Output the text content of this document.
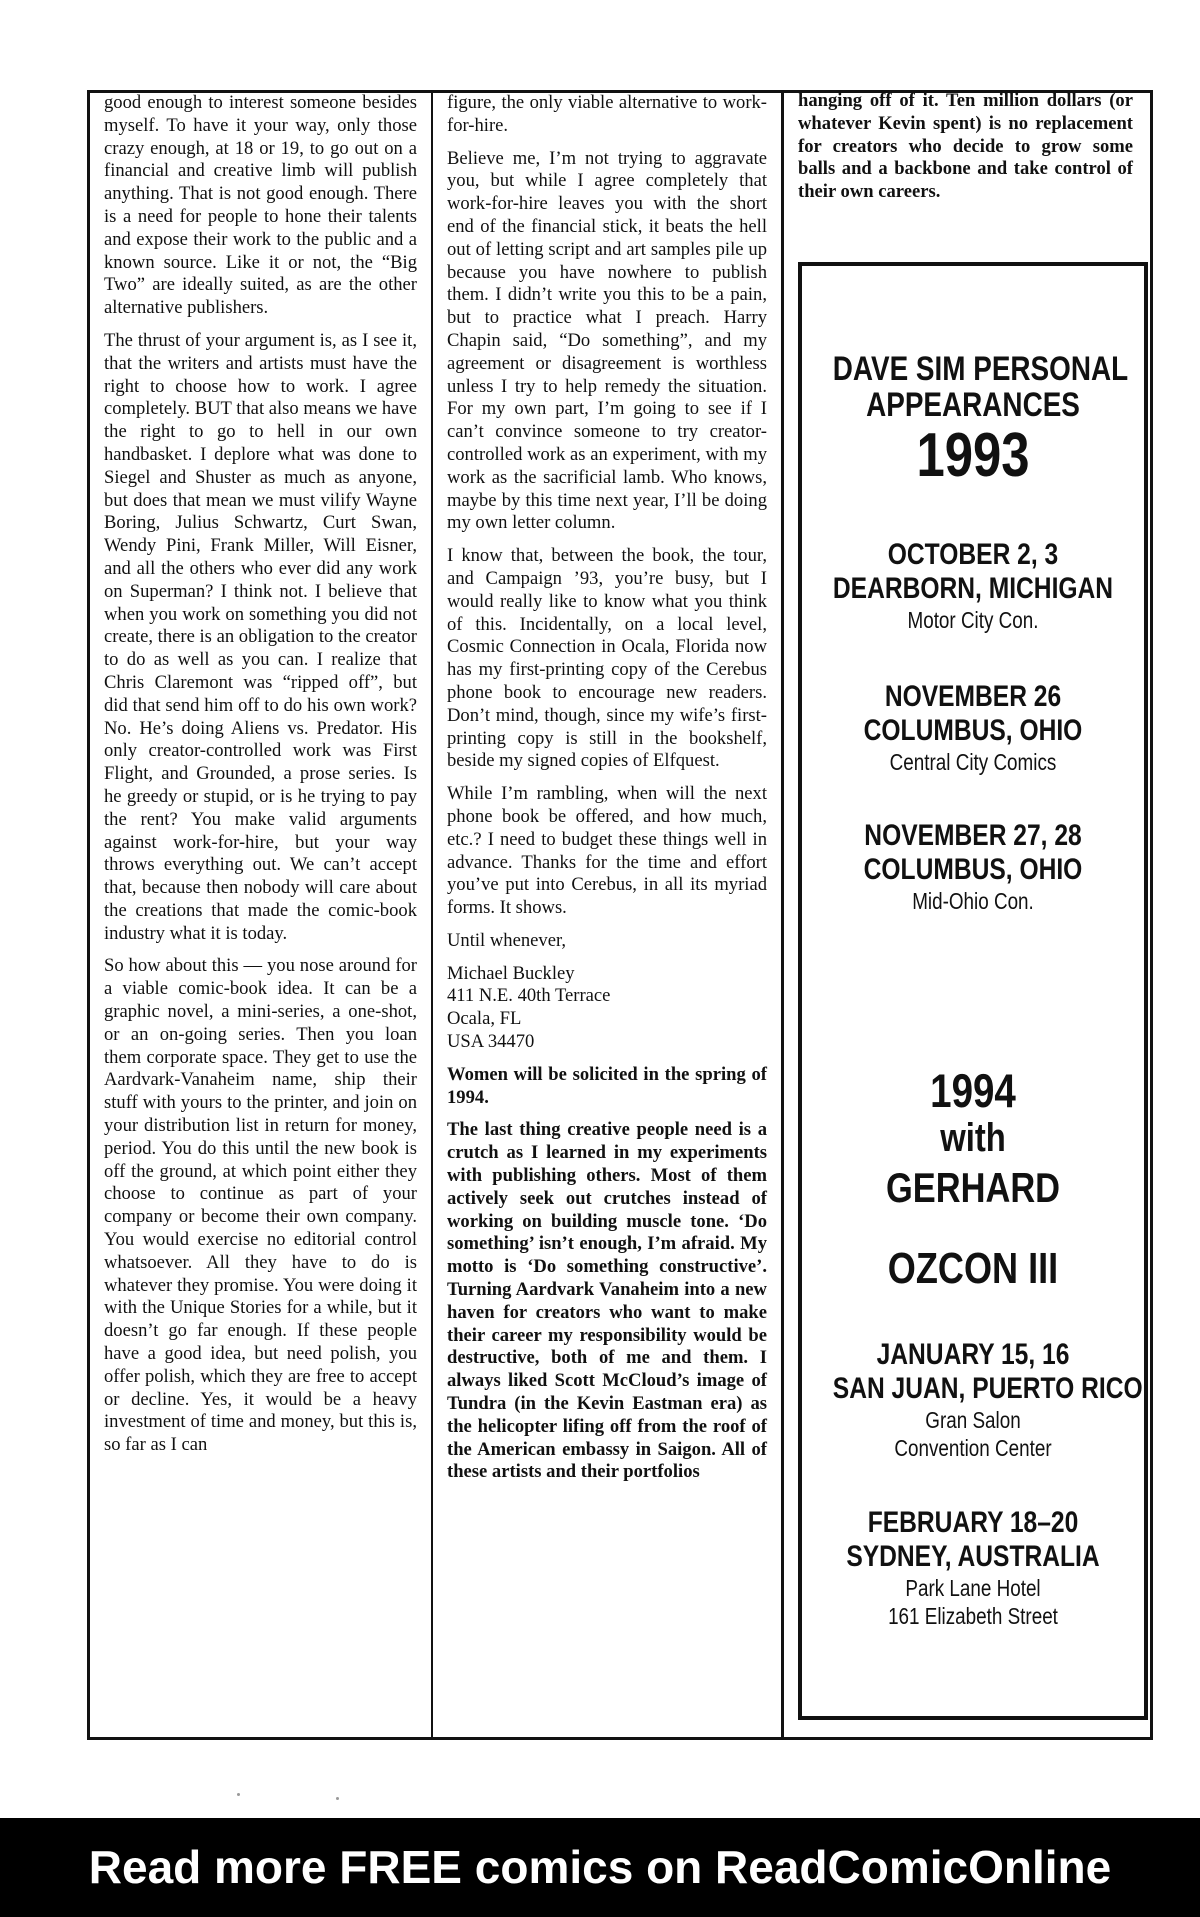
good enough to interest someone besides myself. To have it your way, only those crazy enough, at 18 or 19, to go out on a financial and creative limb will publish anything. That is not good enough. There is a need for people to hone their talents and expose their work to the public and a known source. Like it or not, the “Big Two” are ideally suited, as are the other alternative publishers.

The thrust of your argument is, as I see it, that the writers and artists must have the right to choose how to work. I agree completely. BUT that also means we have the right to go to hell in our own handbasket. I deplore what was done to Siegel and Shuster as much as anyone, but does that mean we must vilify Wayne Boring, Julius Schwartz, Curt Swan, Wendy Pini, Frank Miller, Will Eisner, and all the others who ever did any work on Superman? I think not. I believe that when you work on something you did not create, there is an obligation to the creator to do as well as you can. I realize that Chris Claremont was “ripped off”, but did that send him off to do his own work? No. He’s doing Aliens vs. Predator. His only creator-controlled work was First Flight, and Grounded, a prose series. Is he greedy or stupid, or is he trying to pay the rent? You make valid arguments against work-for-hire, but your way throws everything out. We can’t accept that, because then nobody will care about the creations that made the comic-book industry what it is today.

So how about this — you nose around for a viable comic-book idea. It can be a graphic novel, a mini-series, a one-shot, or an on-going series. Then you loan them corporate space. They get to use the Aardvark-Vanaheim name, ship their stuff with yours to the printer, and join on your distribution list in return for money, period. You do this until the new book is off the ground, at which point either they choose to continue as part of your company or become their own company. You would exercise no editorial control whatsoever. All they have to do is whatever they promise. You were doing it with the Unique Stories for a while, but it doesn’t go far enough. If these people have a good idea, but need polish, you offer polish, which they are free to accept or decline. Yes, it would be a heavy investment of time and money, but this is, so far as I can

figure, the only viable alternative to work-for-hire.

Believe me, I’m not trying to aggravate you, but while I agree completely that work-for-hire leaves you with the short end of the financial stick, it beats the hell out of letting script and art samples pile up because you have nowhere to publish them. I didn’t write you this to be a pain, but to practice what I preach. Harry Chapin said, “Do something”, and my agreement or disagreement is worthless unless I try to help remedy the situation. For my own part, I’m going to see if I can’t convince someone to try creator-controlled work as an experiment, with my work as the sacrificial lamb. Who knows, maybe by this time next year, I’ll be doing my own letter column.

I know that, between the book, the tour, and Campaign ’93, you’re busy, but I would really like to know what you think of this. Incidentally, on a local level, Cosmic Connection in Ocala, Florida now has my first-printing copy of the Cerebus phone book to encourage new readers. Don’t mind, though, since my wife’s first-printing copy is still in the bookshelf, beside my signed copies of Elfquest.

While I’m rambling, when will the next phone book be offered, and how much, etc.? I need to budget these things well in advance. Thanks for the time and effort you’ve put into Cerebus, in all its myriad forms. It shows.

Until whenever,

Michael Buckley

411 N.E. 40th Terrace

Ocala, FL

USA 34470

Women will be solicited in the spring of 1994.

The last thing creative people need is a crutch as I learned in my experiments with publishing others. Most of them actively seek out crutches instead of working on building muscle tone. ‘Do something’ isn’t enough, I’m afraid. My motto is ‘Do something constructive’. Turning Aardvark Vanaheim into a new haven for creators who want to make their career my responsibility would be destructive, both of me and them. I always liked Scott McCloud’s image of Tundra (in the Kevin Eastman era) as the helicopter lifing off from the roof of the American embassy in Saigon. All of these artists and their portfolios

hanging off of it. Ten million dollars (or whatever Kevin spent) is no replacement for creators who decide to grow some balls and a backbone and take control of their own careers.

DAVE SIM PERSONAL
APPEARANCES
1993
OCTOBER 2, 3
DEARBORN, MICHIGAN
Motor City Con.
NOVEMBER 26
COLUMBUS, OHIO
Central City Comics
NOVEMBER 27, 28
COLUMBUS, OHIO
Mid-Ohio Con.
1994
with
GERHARD
OZCON III
JANUARY 15, 16
SAN JUAN, PUERTO RICO
Gran Salon
Convention Center
FEBRUARY 18–20
SYDNEY, AUSTRALIA
Park Lane Hotel
161 Elizabeth Street
Read more FREE comics on ReadComicOnline
